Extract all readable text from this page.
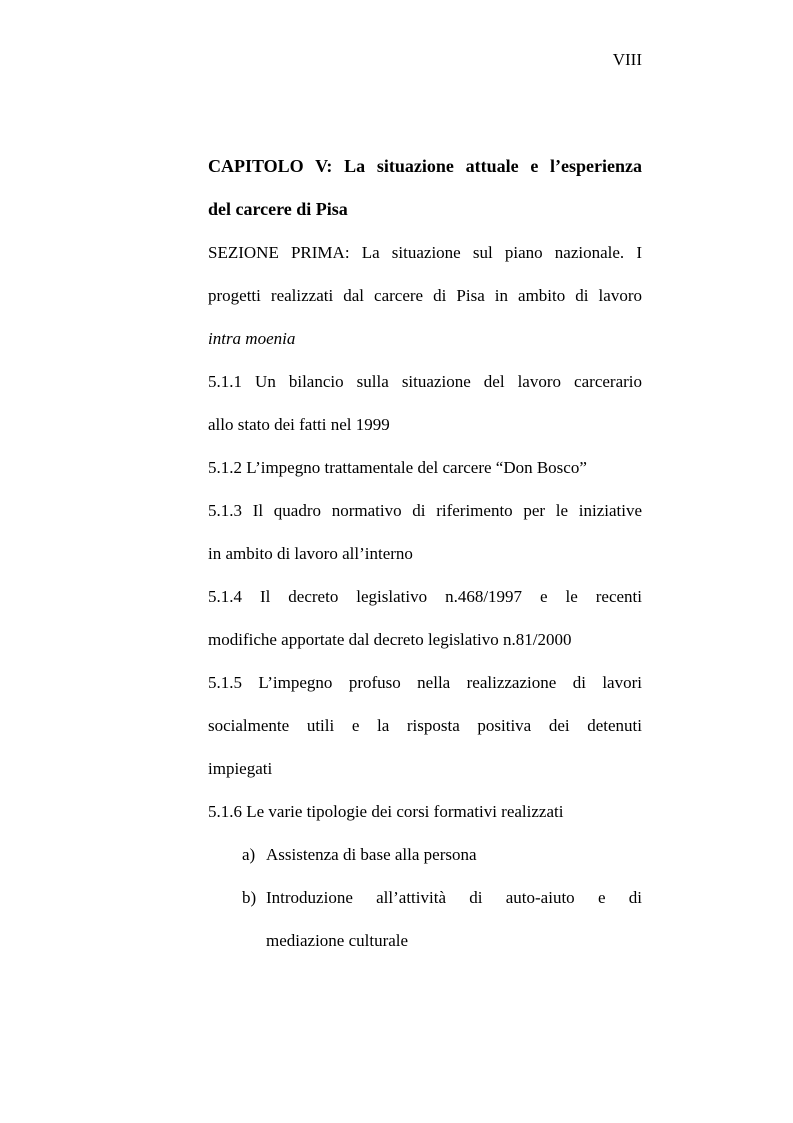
VIII
CAPITOLO V: La situazione attuale e l’esperienza
del carcere di Pisa
SEZIONE PRIMA: La situazione sul piano nazionale. I
progetti realizzati dal carcere di Pisa in ambito di lavoro
intra moenia
5.1.1 Un bilancio sulla situazione del lavoro carcerario
allo stato dei fatti nel 1999
5.1.2 L’impegno trattamentale del carcere “Don Bosco”
5.1.3 Il quadro normativo di riferimento per le iniziative
in ambito di lavoro all’interno
5.1.4 Il decreto legislativo n.468/1997 e le recenti
modifiche apportate dal decreto legislativo n.81/2000
5.1.5 L’impegno profuso nella realizzazione di lavori
socialmente utili e la risposta positiva dei detenuti
impiegati
5.1.6 Le varie tipologie dei corsi formativi realizzati
a) Assistenza di base alla persona
b) Introduzione all’attività di auto-aiuto e di
mediazione culturale
